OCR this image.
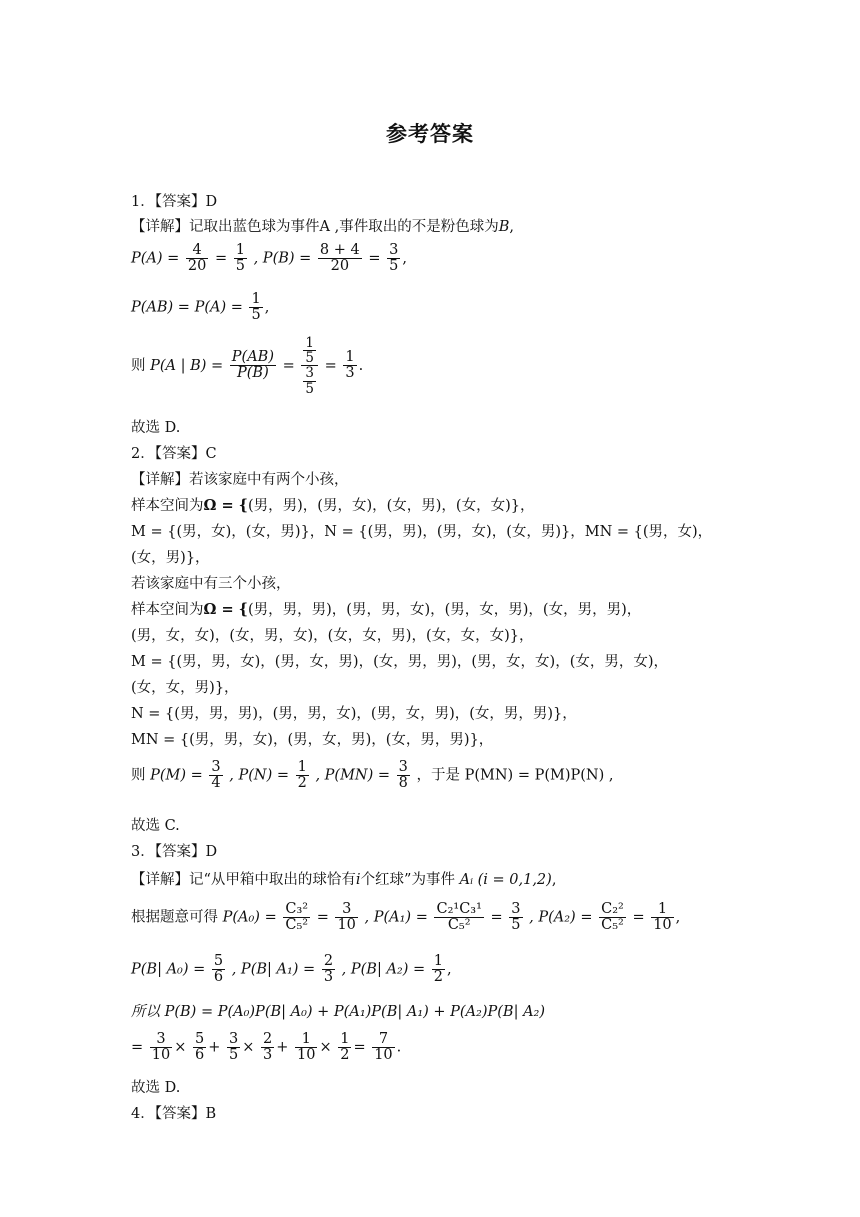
参考答案
1．【答案】D
【详解】记取出蓝色球为事件A ,事件取出的不是粉色球为B,
$P(A) = \frac{4}{20} = \frac{1}{5}$ , $P(B) = \frac{8 + 4}{20} = \frac{3}{5}$ ,
$P(AB) = P(A) = \frac{1}{5}$ ,
则 P(A | $B) = \frac{P(AB)}{P(B)} = \frac{\frac{1}{5}}{\frac{3}{5}} = \frac{1}{3}$ .
故选 D.
2．【答案】C
【详解】若该家庭中有两个小孩，
样本空间为Ω = {(男，男)，(男，女)，(女，男)，(女，女)}，
M = {(男，女)，(女，男)}，N = {(男，男)，(男，女)，(女，男)}，MN = {(男，女)，
(女，男)}，
若该家庭中有三个小孩，
样本空间为Ω = {(男，男，男)，(男，男，女)，(男，女，男)，(女，男，男)，
(男，女，女)，(女，男，女)，(女，女，男)，(女，女，女)}，
M = {(男，男，女)，(男，女，男)，(女，男，男)，(男，女，女)，(女，男，女)，
(女，女，男)}，
N = {(男，男，男)，(男，男，女)，(男，女，男)，(女，男，男)}，
MN = {(男，男，女)，(男，女，男)，(女，男，男)}，
则 $P(M) = \frac{3}{4}$ , $P(N) = \frac{1}{2}$ , $P(MN) = \frac{3}{8}$ ，于是 P(MN) = P(M)P(N) ,
故选 C.
3．【答案】D
【详解】记“从甲箱中取出的球恰有i个红球”为事件 Aᵢ (i = 0,1,2),
根据题意可得 $P(A_0) = \frac{\text{C₃²}}{\text{C₅²}} = \frac{3}{10}$ , $P(A_1) = \frac{\text{C₂¹C₃¹}}{\text{C₅²}} = \frac{3}{5}$ , $P(A_2) = \frac{\text{C₂²}}{\text{C₅²}} = \frac{1}{10}$ ,
P(B| $A_0) = \frac{5}{6}$ , P(B| $A_1) = \frac{2}{3}$ , P(B| $A_2) = \frac{1}{2}$ ,
所以 P(B) = P(A₀)P(B| A₀) + P(A₁)P(B| A₁) + P(A₂)P(B| A₂)
= $\frac{3}{10} \times \frac{5}{6} + \frac{3}{5} \times \frac{2}{3} + \frac{1}{10} \times \frac{1}{2} = \frac{7}{10}$ .
故选 D.
4．【答案】B
